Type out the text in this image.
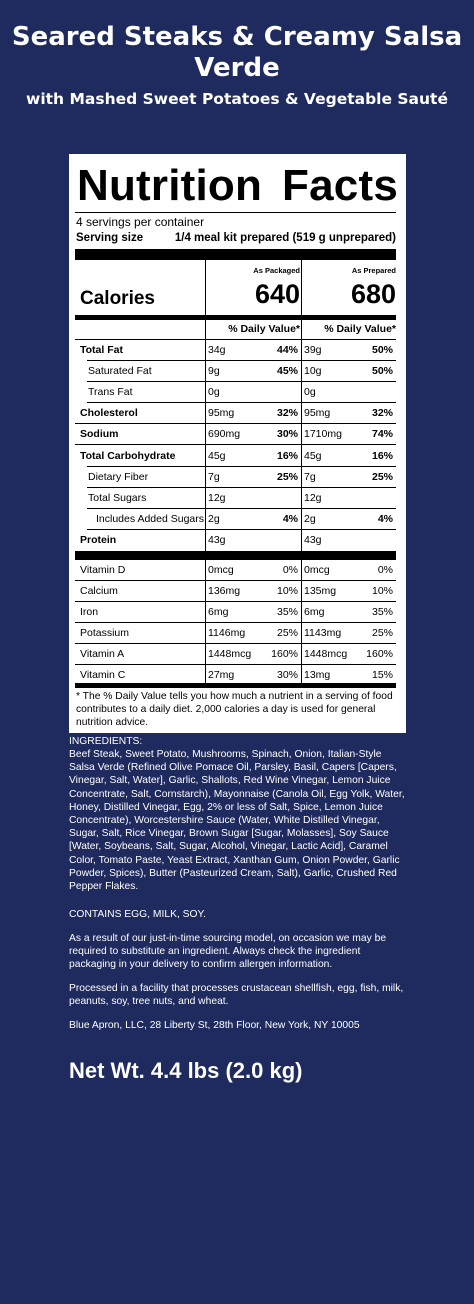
Seared Steaks & Creamy Salsa Verde
with Mashed Sweet Potatoes & Vegetable Sauté
Nutrition Facts
4 servings per container
Serving size	1/4 meal kit prepared (519 g unprepared)
As Packaged	As Prepared
Calories	640 680
% Daily Value* % Daily Value*
Total Fat	34g	44% 39g	50%
Saturated Fat	9g	45% 10g	50%
Trans Fat	0g	0g
Cholesterol	95mg	32% 95mg	32%
Sodium	690mg	30% 1710mg	74%
Total Carbohydrate	45g	16% 45g	16%
Dietary Fiber	7g	25% 7g	25%
Total Sugars	12g	12g
Includes Added Sugars 2g	4% 2g	4%
Protein	43g	43g
Vitamin D	0mcg	0% 0mcg	0%
Calcium	136mg	10% 135mg	10%
Iron	6mg	35% 6mg	35%
Potassium	1146mg	25% 1143mg	25%
Vitamin A	1448mcg 160% 1448mcg 160%
Vitamin C	27mg	30% 13mg	15%
* The % Daily Value tells you how much a nutrient in a serving of food contributes to a daily diet. 2,000 calories a day is used for general nutrition advice.
INGREDIENTS:
Beef Steak, Sweet Potato, Mushrooms, Spinach, Onion, Italian-Style Salsa Verde (Refined Olive Pomace Oil, Parsley, Basil, Capers [Capers, Vinegar, Salt, Water], Garlic, Shallots, Red Wine Vinegar, Lemon Juice Concentrate, Salt, Cornstarch), Mayonnaise (Canola Oil, Egg Yolk, Water, Honey, Distilled Vinegar, Egg, 2% or less of Salt, Spice, Lemon Juice Concentrate), Worcestershire Sauce (Water, White Distilled Vinegar, Sugar, Salt, Rice Vinegar, Brown Sugar [Sugar, Molasses], Soy Sauce [Water, Soybeans, Salt, Sugar, Alcohol, Vinegar, Lactic Acid], Caramel Color, Tomato Paste, Yeast Extract, Xanthan Gum, Onion Powder, Garlic Powder, Spices), Butter (Pasteurized Cream, Salt), Garlic, Crushed Red Pepper Flakes.
CONTAINS EGG, MILK, SOY.
As a result of our just-in-time sourcing model, on occasion we may be required to substitute an ingredient. Always check the ingredient packaging in your delivery to confirm allergen information.
Processed in a facility that processes crustacean shellfish, egg, fish, milk, peanuts, soy, tree nuts, and wheat.
Blue Apron, LLC, 28 Liberty St, 28th Floor, New York, NY 10005
Net Wt. 4.4 lbs (2.0 kg)
